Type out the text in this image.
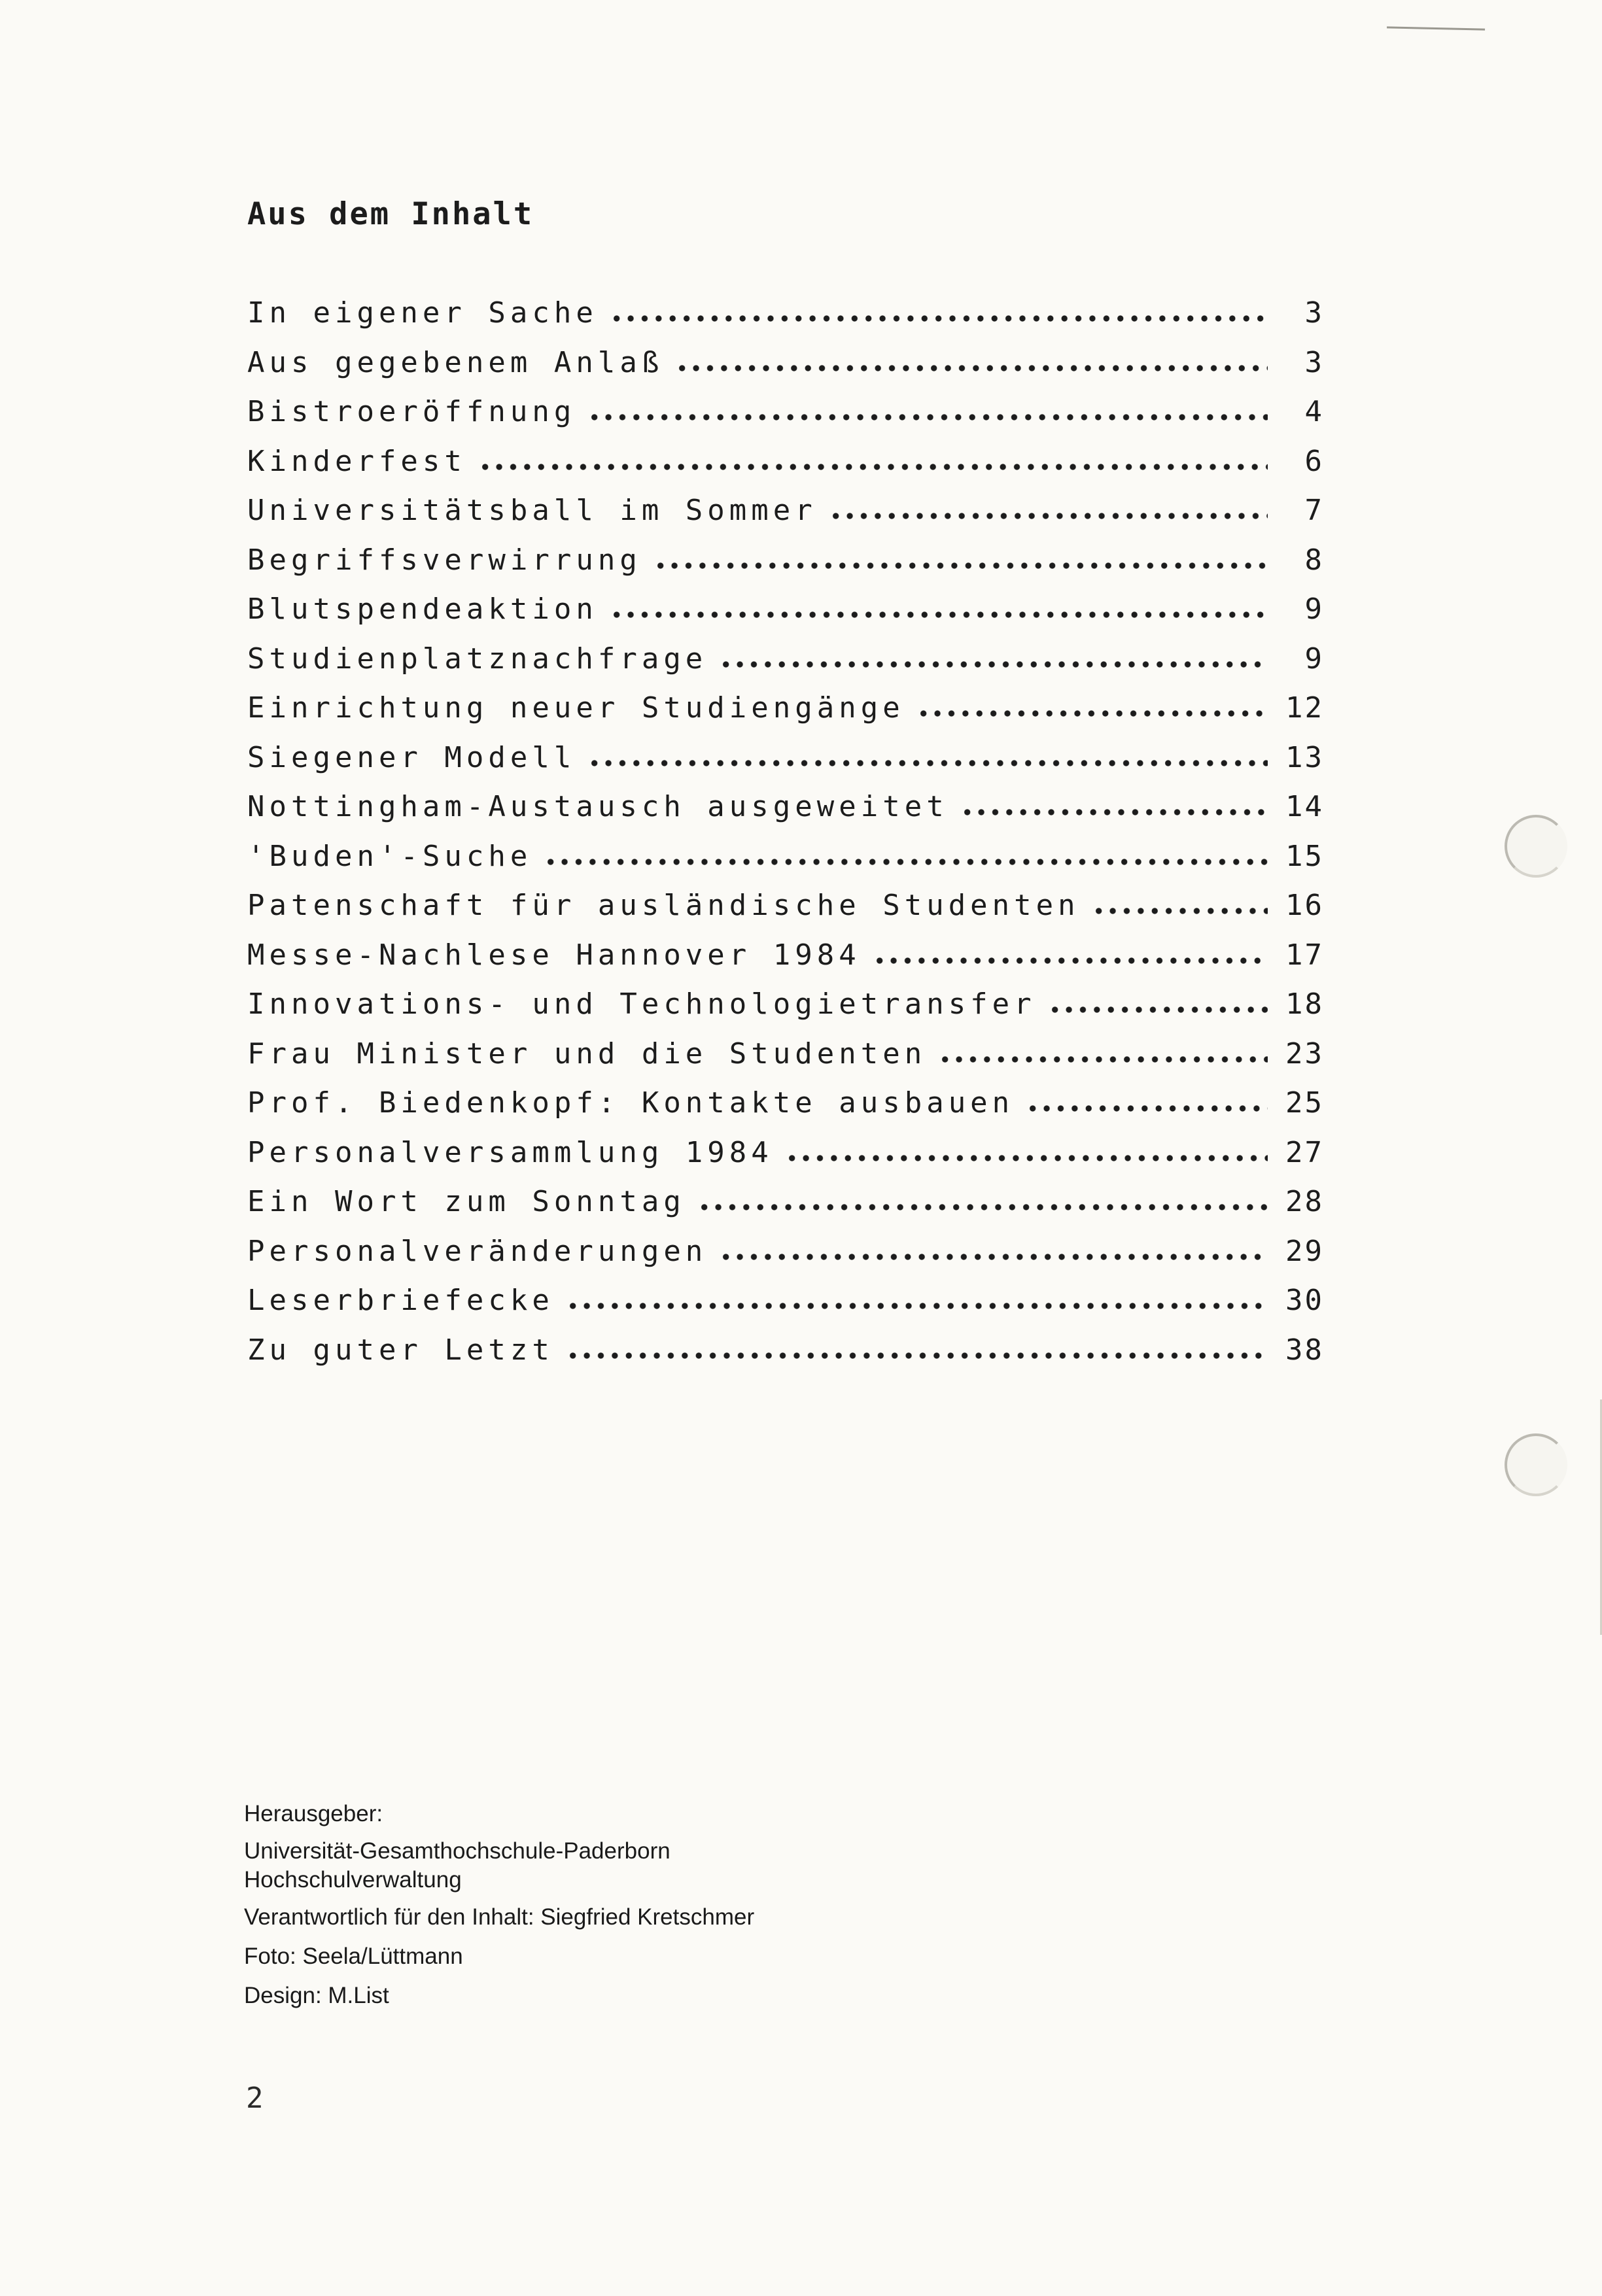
Aus dem Inhalt
In eigener Sache	3
Aus gegebenem Anlaß	3
Bistroeröffnung	4
Kinderfest	6
Universitätsball im Sommer	7
Begriffsverwirrung	8
Blutspendeaktion	9
Studienplatznachfrage	9
Einrichtung neuer Studiengänge	12
Siegener Modell	13
Nottingham-Austausch ausgeweitet	14
'Buden'-Suche	15
Patenschaft für ausländische Studenten	16
Messe-Nachlese Hannover 1984	17
Innovations- und Technologietransfer	18
Frau Minister und die Studenten	23
Prof. Biedenkopf: Kontakte ausbauen	25
Personalversammlung 1984	27
Ein Wort zum Sonntag	28
Personalveränderungen	29
Leserbriefecke	30
Zu guter Letzt	38

Herausgeber:

Universität-Gesamthochschule-Paderborn

Hochschulverwaltung

Verantwortlich für den Inhalt: Siegfried Kretschmer

Foto: Seela/Lüttmann

Design: M.List

2
